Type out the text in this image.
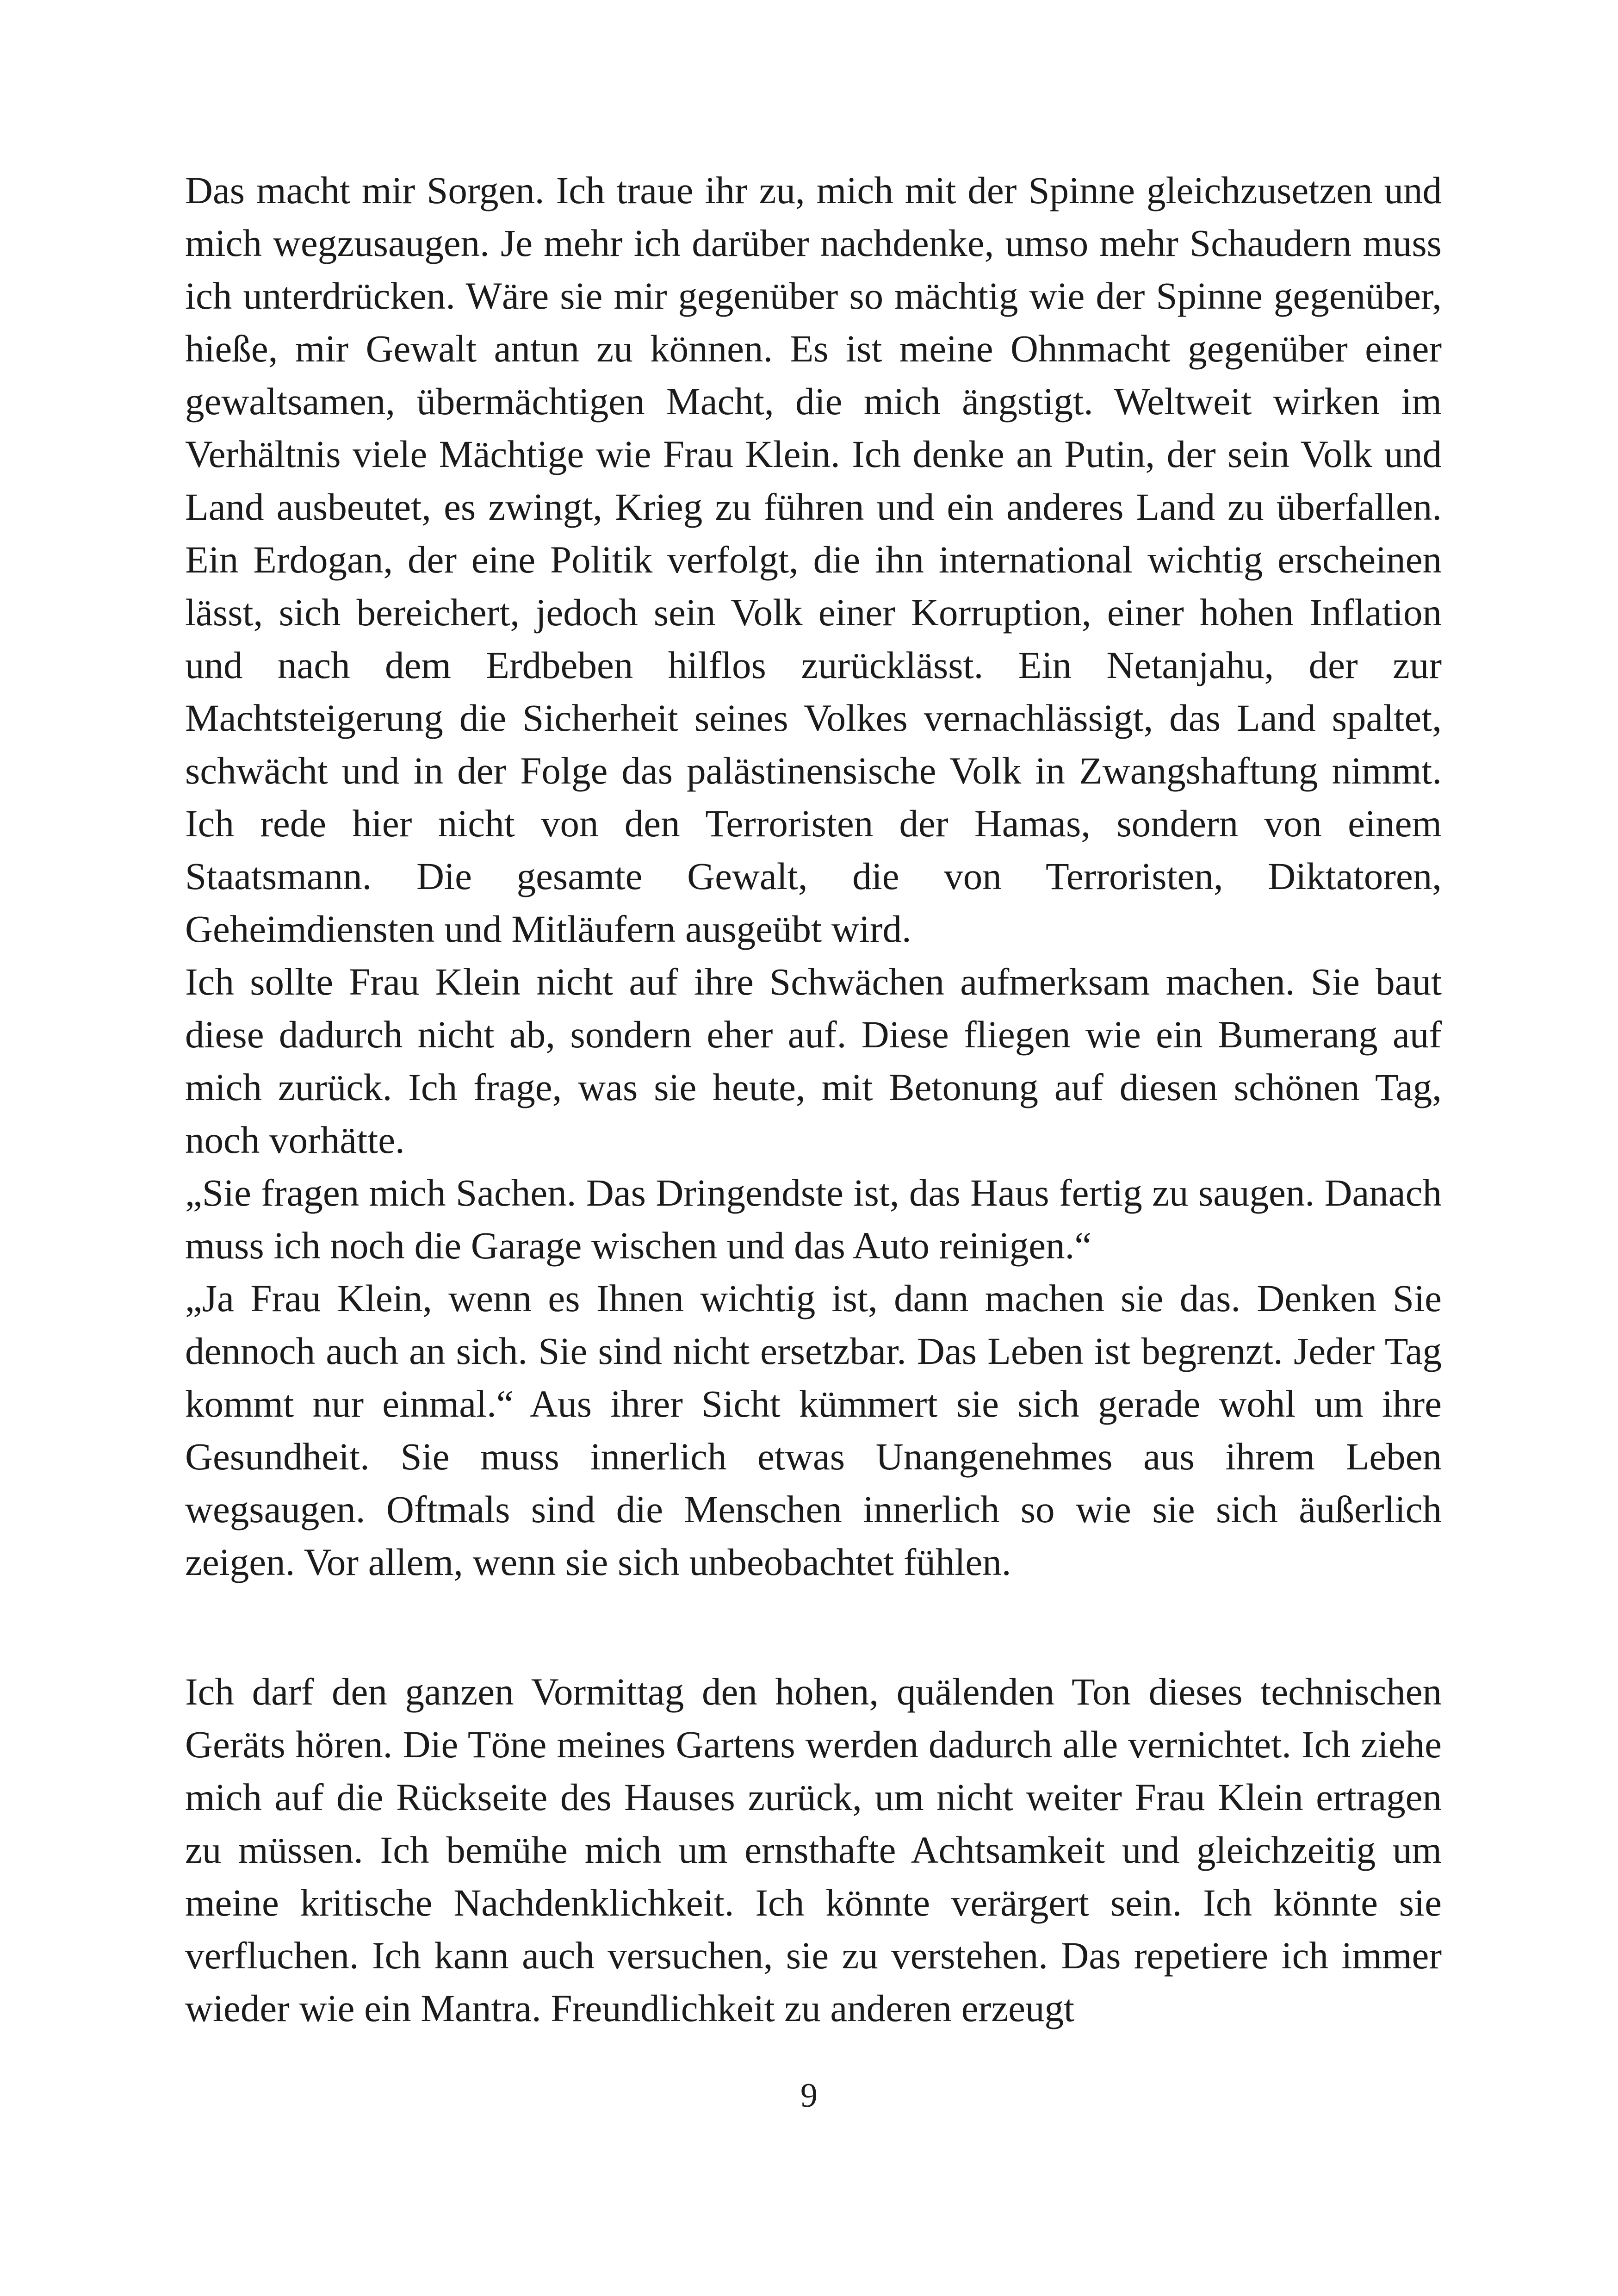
Das macht mir Sorgen. Ich traue ihr zu, mich mit der Spinne gleichzusetzen und mich wegzusaugen. Je mehr ich darüber nachdenke, umso mehr Schaudern muss ich unterdrücken. Wäre sie mir gegenüber so mächtig wie der Spinne gegenüber, hieße, mir Gewalt antun zu können. Es ist meine Ohnmacht gegenüber einer gewaltsamen, übermächtigen Macht, die mich ängstigt. Weltweit wirken im Verhältnis viele Mächtige wie Frau Klein. Ich denke an Putin, der sein Volk und Land ausbeutet, es zwingt, Krieg zu führen und ein anderes Land zu überfallen. Ein Erdogan, der eine Politik verfolgt, die ihn international wichtig erscheinen lässt, sich bereichert, jedoch sein Volk einer Korruption, einer hohen Inflation und nach dem Erdbeben hilflos zurücklässt. Ein Netanjahu, der zur Machtsteigerung die Sicherheit seines Volkes vernachlässigt, das Land spaltet, schwächt und in der Folge das palästinensische Volk in Zwangshaftung nimmt. Ich rede hier nicht von den Terroristen der Hamas, sondern von einem Staatsmann. Die gesamte Gewalt, die von Terroristen, Diktatoren, Geheimdiensten und Mitläufern ausgeübt wird.

Ich sollte Frau Klein nicht auf ihre Schwächen aufmerksam machen. Sie baut diese dadurch nicht ab, sondern eher auf. Diese fliegen wie ein Bumerang auf mich zurück. Ich frage, was sie heute, mit Betonung auf diesen schönen Tag, noch vorhätte.

„Sie fragen mich Sachen. Das Dringendste ist, das Haus fertig zu saugen. Danach muss ich noch die Garage wischen und das Auto reinigen.“

„Ja Frau Klein, wenn es Ihnen wichtig ist, dann machen sie das. Denken Sie dennoch auch an sich. Sie sind nicht ersetzbar. Das Leben ist begrenzt. Jeder Tag kommt nur einmal.“ Aus ihrer Sicht kümmert sie sich gerade wohl um ihre Gesundheit. Sie muss innerlich etwas Unangenehmes aus ihrem Leben wegsaugen. Oftmals sind die Menschen innerlich so wie sie sich äußerlich zeigen. Vor allem, wenn sie sich unbeobachtet fühlen.

Ich darf den ganzen Vormittag den hohen, quälenden Ton dieses technischen Geräts hören. Die Töne meines Gartens werden dadurch alle vernichtet. Ich ziehe mich auf die Rückseite des Hauses zurück, um nicht weiter Frau Klein ertragen zu müssen. Ich bemühe mich um ernsthafte Achtsamkeit und gleichzeitig um meine kritische Nachdenklichkeit. Ich könnte verärgert sein. Ich könnte sie verfluchen. Ich kann auch versuchen, sie zu verstehen. Das repetiere ich immer wieder wie ein Mantra. Freundlichkeit zu anderen erzeugt

9
